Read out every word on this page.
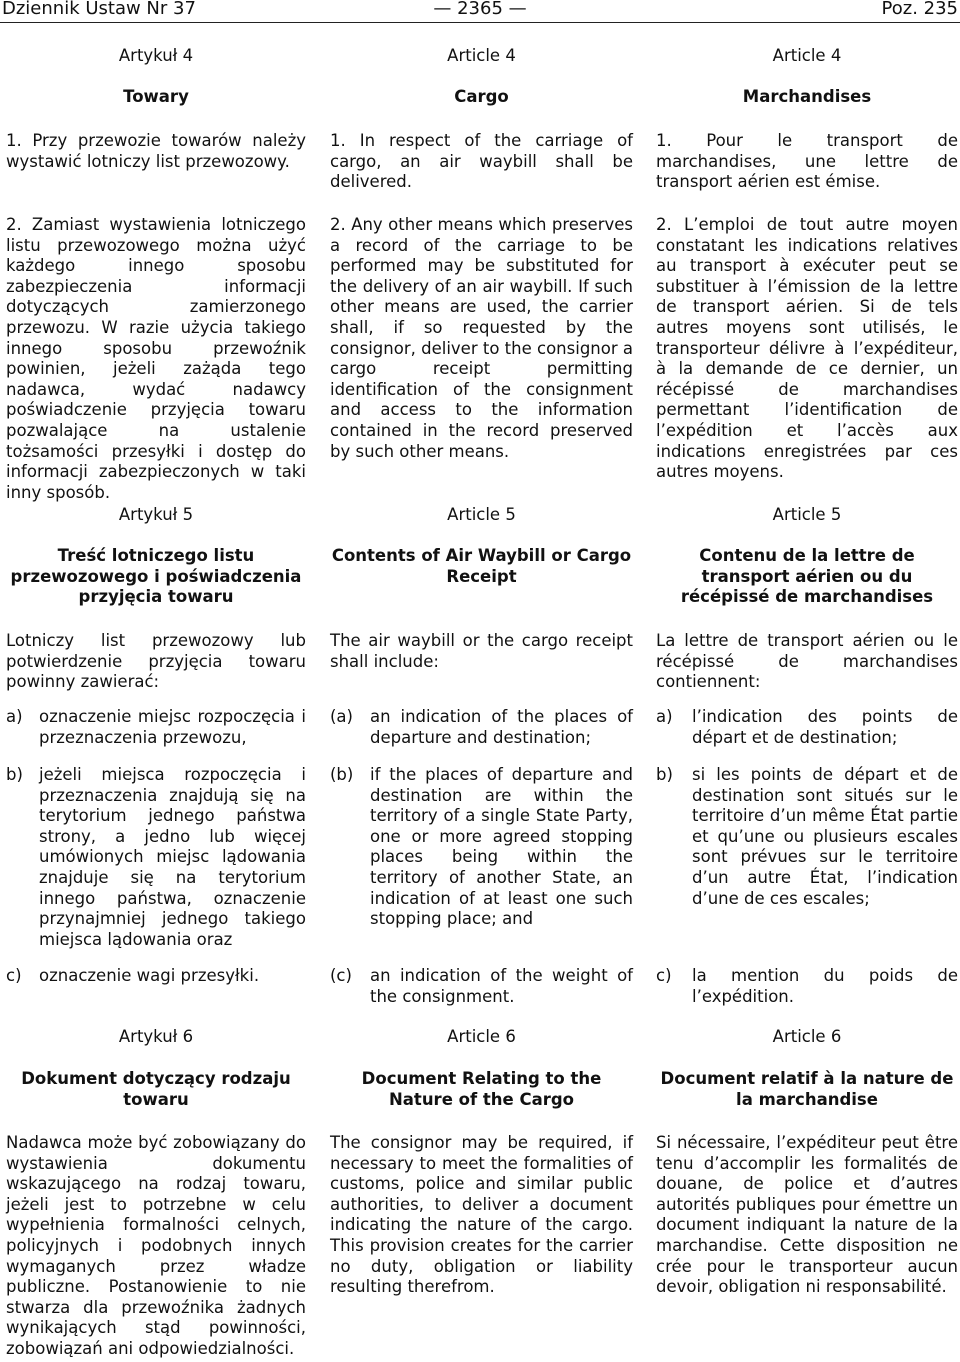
Dziennik Ustaw Nr 37	— 2365 —	Poz. 235
Artykuł 4
Towary
1. Przy przewozie towarów należy wystawić lotniczy list przewozowy.
2. Zamiast wystawienia lotniczego listu przewozowego można użyć każdego innego sposobu zabezpieczenia informacji dotyczących zamierzonego przewozu. W razie użycia takiego innego sposobu przewoźnik powinien, jeżeli zażąda tego nadawca, wydać nadawcy poświadczenie przyjęcia towaru pozwalające na ustalenie tożsamości przesyłki i dostęp do informacji zabezpieczonych w taki inny sposób.
Artykuł 5
Treść lotniczego listu przewozowego i poświadczenia przyjęcia towaru
Lotniczy list przewozowy lub potwierdzenie przyjęcia towaru powinny zawierać:
a) oznaczenie miejsc rozpoczęcia i przeznaczenia przewozu,
b) jeżeli miejsca rozpoczęcia i przeznaczenia znajdują się na terytorium jednego państwa strony, a jedno lub więcej umówionych miejsc lądowania znajduje się na terytorium innego państwa, oznaczenie przynajmniej jednego takiego miejsca lądowania oraz
c) oznaczenie wagi przesyłki.
Artykuł 6
Dokument dotyczący rodzaju towaru
Nadawca może być zobowiązany do wystawienia dokumentu wskazującego na rodzaj towaru, jeżeli jest to potrzebne w celu wypełnienia formalności celnych, policyjnych i podobnych innych wymaganych przez władze publiczne. Postanowienie to nie stwarza dla przewoźnika żadnych wynikających stąd powinności, zobowiązań ani odpowiedzialności.
Article 4
Cargo
1. In respect of the carriage of cargo, an air waybill shall be delivered.
2. Any other means which preserves a record of the carriage to be performed may be substituted for the delivery of an air waybill. If such other means are used, the carrier shall, if so requested by the consignor, deliver to the consignor a cargo receipt permitting identification of the consignment and access to the information contained in the record preserved by such other means.
Article 5
Contents of Air Waybill or Cargo Receipt
The air waybill or the cargo receipt shall include:
(a) an indication of the places of departure and destination;
(b) if the places of departure and destination are within the territory of a single State Party, one or more agreed stopping places being within the territory of another State, an indication of at least one such stopping place; and
(c) an indication of the weight of the consignment.
Article 6
Document Relating to the Nature of the Cargo
The consignor may be required, if necessary to meet the formalities of customs, police and similar public authorities, to deliver a document indicating the nature of the cargo. This provision creates for the carrier no duty, obligation or liability resulting therefrom.
Article 4
Marchandises
1. Pour le transport de marchandises, une lettre de transport aérien est émise.
2. L’emploi de tout autre moyen constatant les indications relatives au transport à exécuter peut se substituer à l’émission de la lettre de transport aérien. Si de tels autres moyens sont utilisés, le transporteur délivre à l’expéditeur, à la demande de ce dernier, un récépissé de marchandises permettant l’identification de l’expédition et l’accès aux indications enregistrées par ces autres moyens.
Article 5
Contenu de la lettre de transport aérien ou du récépissé de marchandises
La lettre de transport aérien ou le récépissé de marchandises contiennent:
a) l’indication des points de départ et de destination;
b) si les points de départ et de destination sont situés sur le territoire d’un même État partie et qu’une ou plusieurs escales sont prévues sur le territoire d’un autre État, l’indication d’une de ces escales;
c) la mention du poids de l’expédition.
Article 6
Document relatif à la nature de la marchandise
Si nécessaire, l’expéditeur peut être tenu d’accomplir les formalités de douane, de police et d’autres autorités publiques pour émettre un document indiquant la nature de la marchandise. Cette disposition ne crée pour le transporteur aucun devoir, obligation ni responsabilité.
